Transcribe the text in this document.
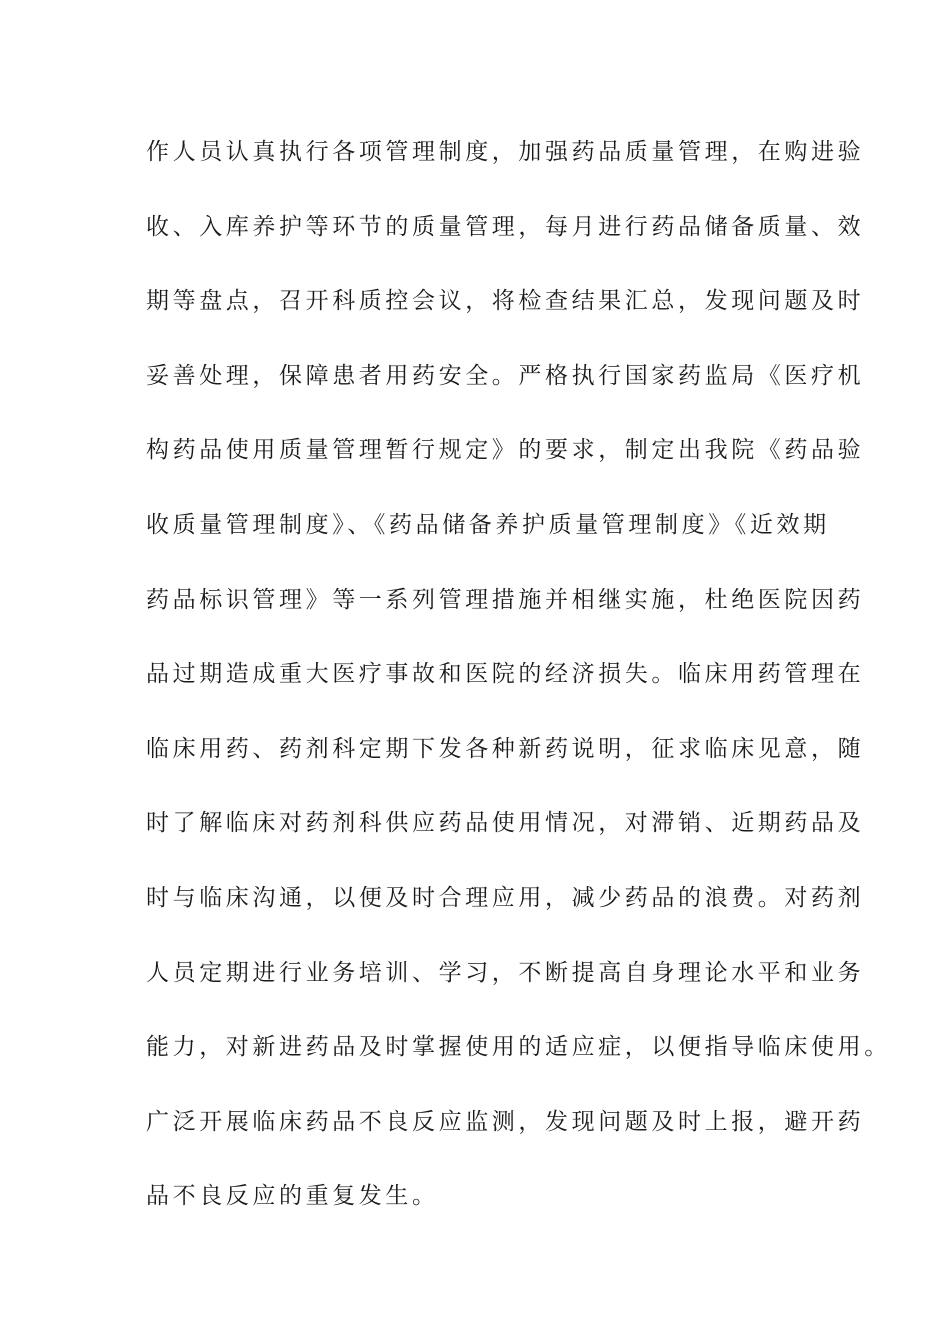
作人员认真执行各项管理制度，加强药品质量管理，在购进验
收、入库养护等环节的质量管理，每月进行药品储备质量、效
期等盘点，召开科质控会议，将检查结果汇总，发现问题及时
妥善处理，保障患者用药安全。严格执行国家药监局《医疗机
构药品使用质量管理暂行规定》的要求，制定出我院《药品验
收质量管理制度》、《药品储备养护质量管理制度》《近效期
药品标识管理》等一系列管理措施并相继实施，杜绝医院因药
品过期造成重大医疗事故和医院的经济损失。临床用药管理在
临床用药、药剂科定期下发各种新药说明，征求临床见意，随
时了解临床对药剂科供应药品使用情况，对滞销、近期药品及
时与临床沟通，以便及时合理应用，减少药品的浪费。对药剂
人员定期进行业务培训、学习，不断提高自身理论水平和业务
能力，对新进药品及时掌握使用的适应症，以便指导临床使用。
广泛开展临床药品不良反应监测，发现问题及时上报，避开药
品不良反应的重复发生。
